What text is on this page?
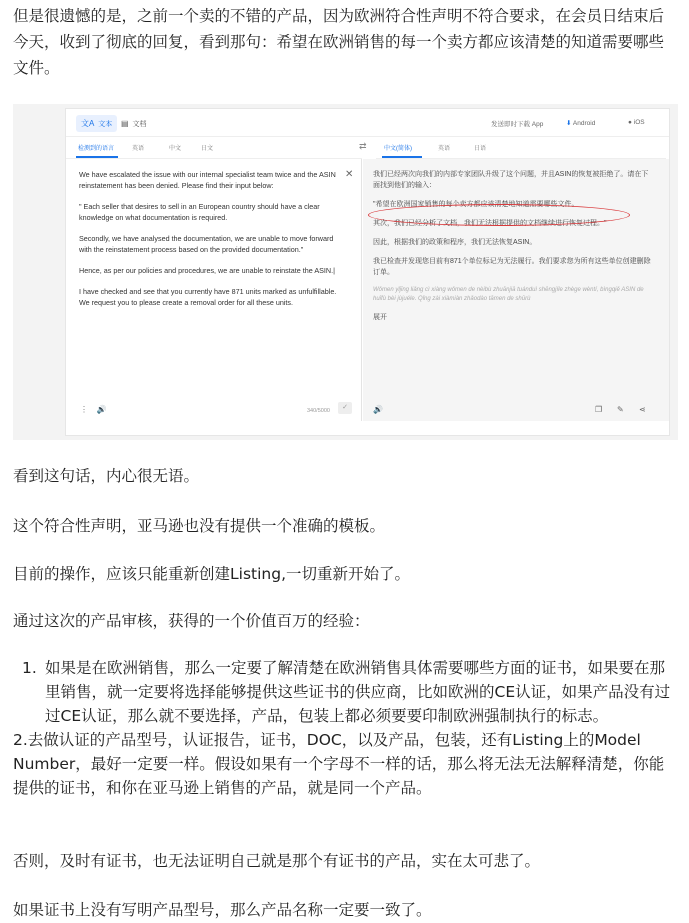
但是很遗憾的是，之前一个卖的不错的产品，因为欧洲符合性声明不符合要求，在会员日结束后今天，收到了彻底的回复，看到那句：希望在欧洲销售的每一个卖方都应该清楚的知道需要哪些文件。
文A 文本	▤ 文档	发送即时下载 App	⬇ Android	● iOS
检测到的语言	英语	中文	日文	⇄	中文(简体)	英语	日语

We have escalated the issue with our internal specialist team twice and the ASIN reinstatement has been denied. Please find their input below:

" Each seller that desires to sell in an European country should have a clear knowledge on what documentation is required.

Secondly, we have analysed the documentation, we are unable to move forward with the reinstatement process based on the provided documentation."

Hence, as per our policies and procedures, we are unable to reinstate the ASIN.|

I have checked and see that you currently have 871 units marked as unfulfillable. We request you to please create a removal order for all these units.

✕
⋮ 🔊	340/5000	✓

我们已经两次向我们的内部专家团队升级了这个问题，并且ASIN的恢复被拒绝了。请在下面找到他们的输入：

"希望在欧洲国家销售的每个卖方都应该清楚地知道需要哪些文件。

其次，我们已经分析了文档，我们无法根据提供的文档继续进行恢复过程。"

因此，根据我们的政策和程序，我们无法恢复ASIN。

我已检查并发现您目前有871个单位标记为无法履行。我们要求您为所有这些单位创建删除订单。

Wǒmen yǐjīng liǎng cì xiàng wǒmen de nèibù zhuānjiā tuánduì shēngjíle zhège wèntí, bìngqiě ASIN de huīfù bèi jùjuéle. Qǐng zài xiàmiàn zhǎodào tāmen de shūrù

展开

🔊	❐ ✎ ⋖
看到这句话，内心很无语。
这个符合性声明，亚马逊也没有提供一个准确的模板。
目前的操作，应该只能重新创建Listing,一切重新开始了。
通过这次的产品审核，获得的一个价值百万的经验：
1. 如果是在欧洲销售，那么一定要了解清楚在欧洲销售具体需要哪些方面的证书，如果要在那里销售，就一定要将选择能够提供这些证书的供应商，比如欧洲的CE认证，如果产品没有过过CE认证，那么就不要选择，产品，包装上都必须要要印制欧洲强制执行的标志。
2.去做认证的产品型号，认证报告，证书，DOC，以及产品，包装，还有Listing上的Model Number，最好一定要一样。假设如果有一个字母不一样的话，那么将无法无法解释清楚，你能提供的证书，和你在亚马逊上销售的产品，就是同一个产品。
否则，及时有证书，也无法证明自己就是那个有证书的产品，实在太可悲了。
如果证书上没有写明产品型号，那么产品名称一定要一致了。
